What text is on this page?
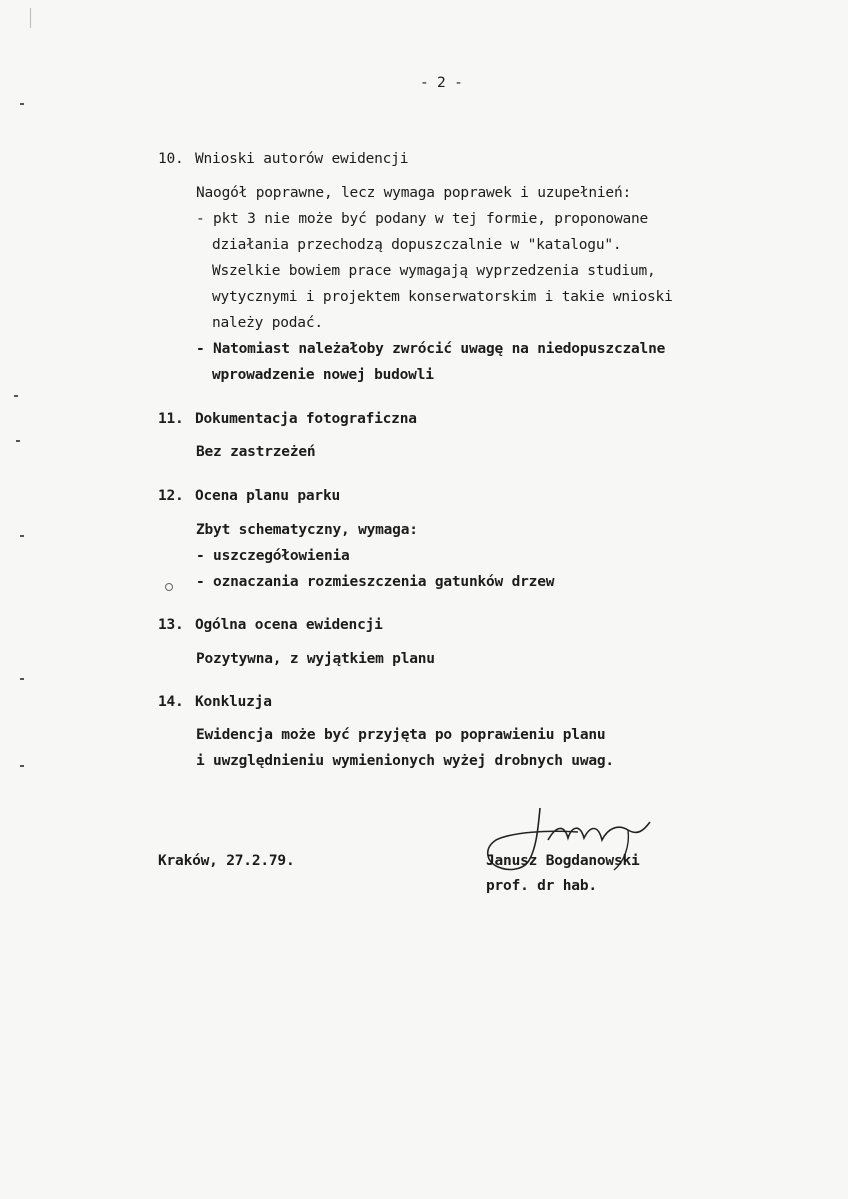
- 2 -
10. Wnioski autorów ewidencji
Naogół poprawne, lecz wymaga poprawek i uzupełnień:
- pkt 3 nie może być podany w tej formie, proponowane
działania przechodzą dopuszczalnie w "katalogu".
Wszelkie bowiem prace wymagają wyprzedzenia studium,
wytycznymi i projektem konserwatorskim i takie wnioski
należy podać.
- Natomiast należałoby zwrócić uwagę na niedopuszczalne
wprowadzenie nowej budowli
11. Dokumentacja fotograficzna
Bez zastrzeżeń
12. Ocena planu parku
Zbyt schematyczny, wymaga:
- uszczegółowienia
- oznaczania rozmieszczenia gatunków drzew
13. Ogólna ocena ewidencji
Pozytywna, z wyjątkiem planu
14. Konkluzja
Ewidencja może być przyjęta po poprawieniu planu
i uwzględnieniu wymienionych wyżej drobnych uwag.
Kraków, 27.2.79.	Janusz Bogdanowski
prof. dr hab.
